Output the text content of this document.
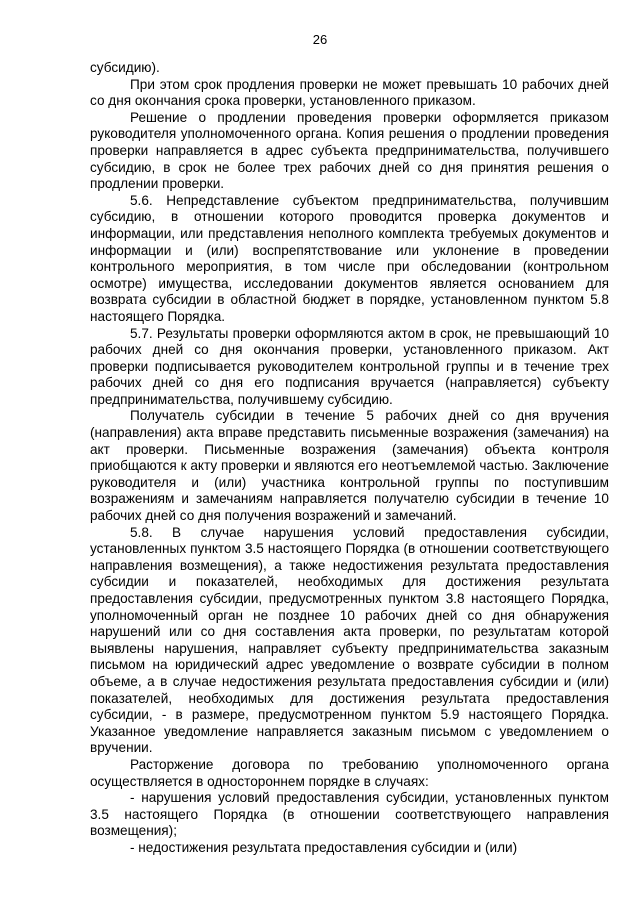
26

субсидию).

При этом срок продления проверки не может превышать 10 рабочих дней со дня окончания срока проверки, установленного приказом.

Решение о продлении проведения проверки оформляется приказом руководителя уполномоченного органа. Копия решения о продлении проведения проверки направляется в адрес субъекта предпринимательства, получившего субсидию, в срок не более трех рабочих дней со дня принятия решения о продлении проверки.

5.6. Непредставление субъектом предпринимательства, получившим субсидию, в отношении которого проводится проверка документов и информации, или представления неполного комплекта требуемых документов и информации и (или) воспрепятствование или уклонение в проведении контрольного мероприятия, в том числе при обследовании (контрольном осмотре) имущества, исследовании документов является основанием для возврата субсидии в областной бюджет в порядке, установленном пунктом 5.8 настоящего Порядка.

5.7. Результаты проверки оформляются актом в срок, не превышающий 10 рабочих дней со дня окончания проверки, установленного приказом. Акт проверки подписывается руководителем контрольной группы и в течение трех рабочих дней со дня его подписания вручается (направляется) субъекту предпринимательства, получившему субсидию.

Получатель субсидии в течение 5 рабочих дней со дня вручения (направления) акта вправе представить письменные возражения (замечания) на акт проверки. Письменные возражения (замечания) объекта контроля приобщаются к акту проверки и являются его неотъемлемой частью. Заключение руководителя и (или) участника контрольной группы по поступившим возражениям и замечаниям направляется получателю субсидии в течение 10 рабочих дней со дня получения возражений и замечаний.

5.8. В случае нарушения условий предоставления субсидии, установленных пунктом 3.5 настоящего Порядка (в отношении соответствующего направления возмещения), а также недостижения результата предоставления субсидии и показателей, необходимых для достижения результата предоставления субсидии, предусмотренных пунктом 3.8 настоящего Порядка, уполномоченный орган не позднее 10 рабочих дней со дня обнаружения нарушений или со дня составления акта проверки, по результатам которой выявлены нарушения, направляет субъекту предпринимательства заказным письмом на юридический адрес уведомление о возврате субсидии в полном объеме, а в случае недостижения результата предоставления субсидии и (или) показателей, необходимых для достижения результата предоставления субсидии, - в размере, предусмотренном пунктом 5.9 настоящего Порядка. Указанное уведомление направляется заказным письмом с уведомлением о вручении.

Расторжение договора по требованию уполномоченного органа осуществляется в одностороннем порядке в случаях:

- нарушения условий предоставления субсидии, установленных пунктом 3.5 настоящего Порядка (в отношении соответствующего направления возмещения);

- недостижения результата предоставления субсидии и (или)
